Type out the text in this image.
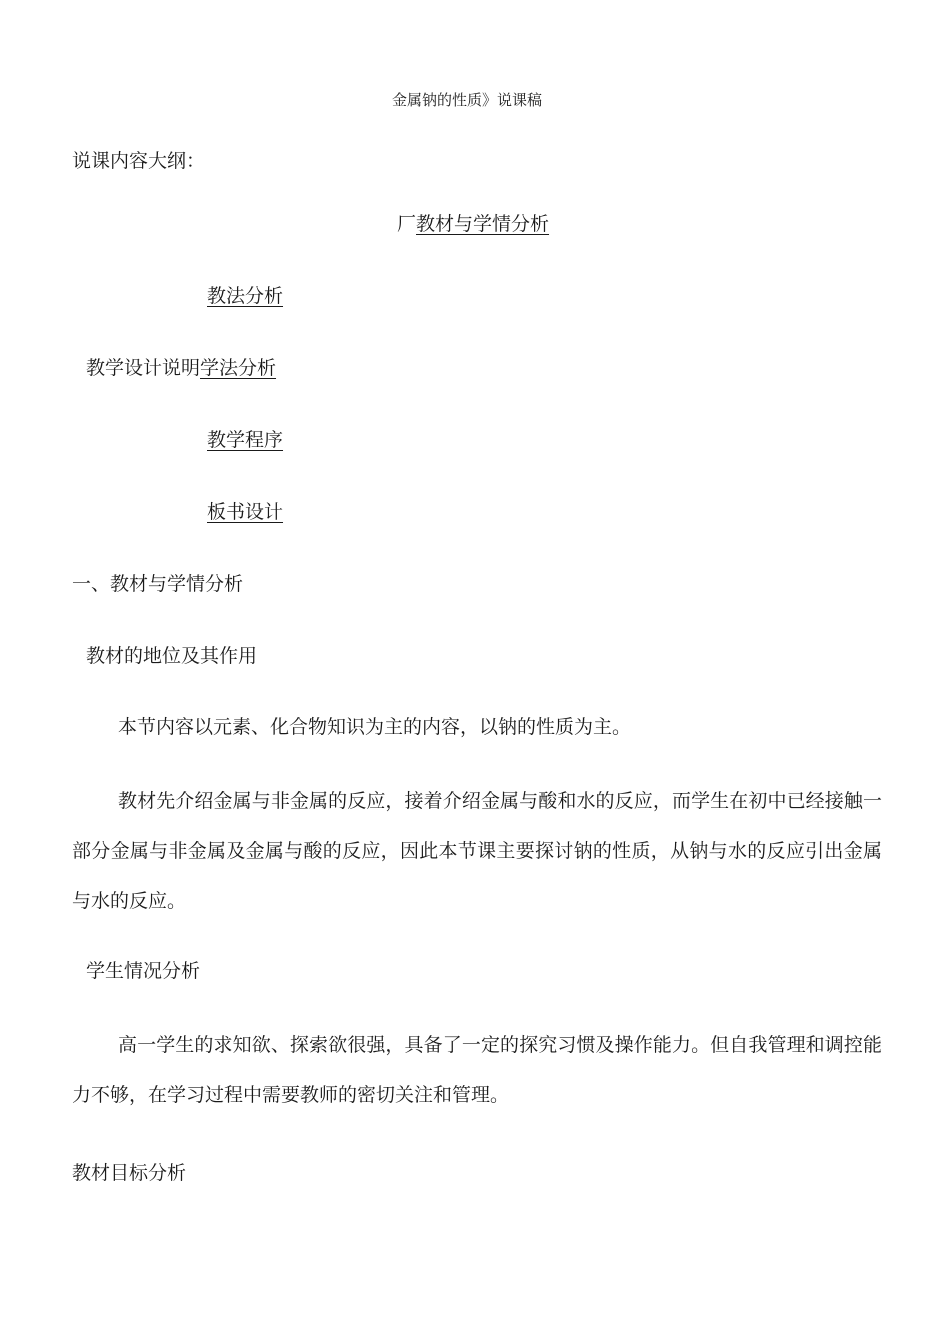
金属钠的性质》说课稿
说课内容大纲：
厂教材与学情分析
教法分析
教学设计说明学法分析
教学程序
板书设计
一、教材与学情分析
教材的地位及其作用
本节内容以元素、化合物知识为主的内容，以钠的性质为主。
教材先介绍金属与非金属的反应，接着介绍金属与酸和水的反应，而学生在初中已经接触一部分金属与非金属及金属与酸的反应，因此本节课主要探讨钠的性质，从钠与水的反应引出金属与水的反应。
学生情况分析
高一学生的求知欲、探索欲很强，具备了一定的探究习惯及操作能力。但自我管理和调控能力不够，在学习过程中需要教师的密切关注和管理。
教材目标分析
